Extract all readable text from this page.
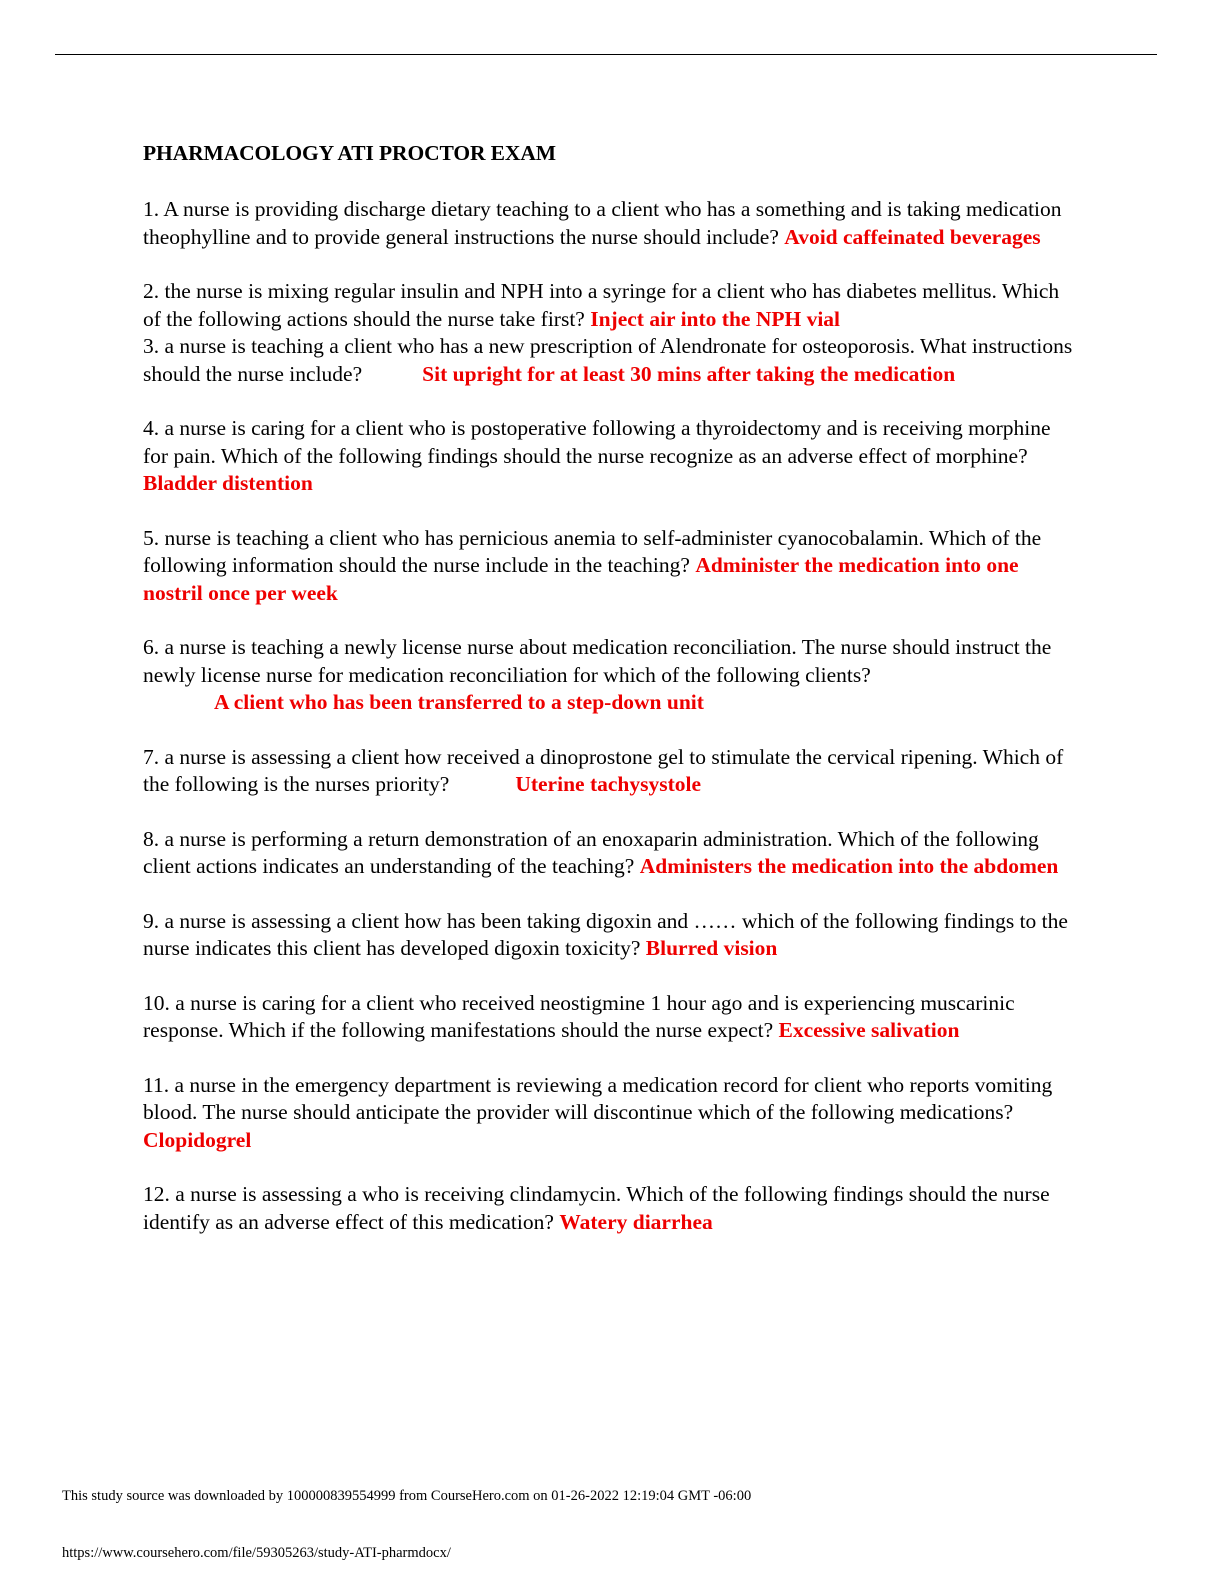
PHARMACOLOGY ATI PROCTOR EXAM

1. A nurse is providing discharge dietary teaching to a client who has a something and is taking medication theophylline and to provide general instructions the nurse should include? Avoid caffeinated beverages

2. the nurse is mixing regular insulin and NPH into a syringe for a client who has diabetes mellitus. Which of the following actions should the nurse take first? Inject air into the NPH vial

3. a nurse is teaching a client who has a new prescription of Alendronate for osteoporosis. What instructions should the nurse include?	Sit upright for at least 30 mins after taking the medication

4. a nurse is caring for a client who is postoperative following a thyroidectomy and is receiving morphine for pain. Which of the following findings should the nurse recognize as an adverse effect of morphine? Bladder distention

5. nurse is teaching a client who has pernicious anemia to self-administer cyanocobalamin. Which of the following information should the nurse include in the teaching? Administer the medication into one nostril once per week

6. a nurse is teaching a newly license nurse about medication reconciliation. The nurse should instruct the newly license nurse for medication reconciliation for which of the following clients?
A client who has been transferred to a step-down unit

7. a nurse is assessing a client how received a dinoprostone gel to stimulate the cervical ripening. Which of the following is the nurses priority?	Uterine tachysystole

8. a nurse is performing a return demonstration of an enoxaparin administration. Which of the following client actions indicates an understanding of the teaching? Administers the medication into the abdomen

9. a nurse is assessing a client how has been taking digoxin and …… which of the following findings to the nurse indicates this client has developed digoxin toxicity? Blurred vision

10. a nurse is caring for a client who received neostigmine 1 hour ago and is experiencing muscarinic response. Which if the following manifestations should the nurse expect? Excessive salivation

11. a nurse in the emergency department is reviewing a medication record for client who reports vomiting blood. The nurse should anticipate the provider will discontinue which of the following medications?Clopidogrel

12. a nurse is assessing a who is receiving clindamycin. Which of the following findings should the nurse identify as an adverse effect of this medication? Watery diarrhea

This study source was downloaded by 100000839554999 from CourseHero.com on 01-26-2022 12:19:04 GMT -06:00
https://www.coursehero.com/file/59305263/study-ATI-pharmdocx/
